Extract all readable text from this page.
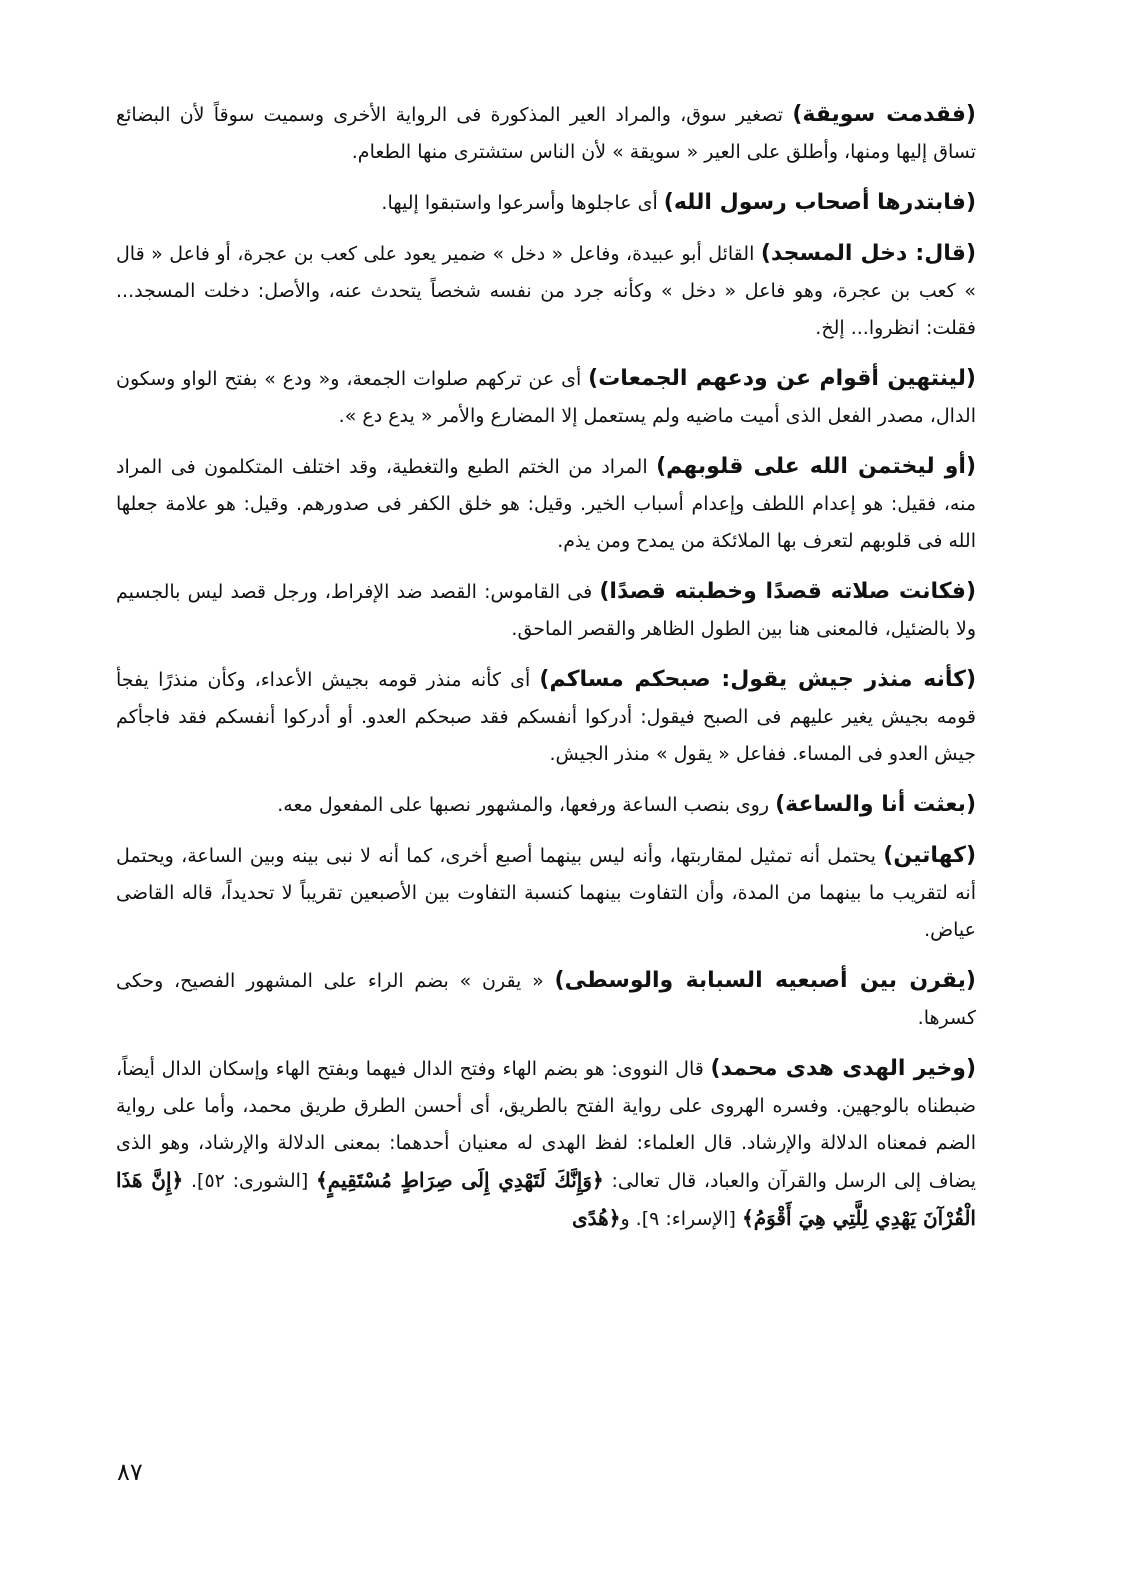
(فقدمت سويقة) تصغير سوق، والمراد العير المذكورة فى الرواية الأخرى وسميت سوقاً لأن البضائع تساق إليها ومنها، وأطلق على العير « سويقة » لأن الناس ستشترى منها الطعام.

(فابتدرها أصحاب رسول الله) أى عاجلوها وأسرعوا واستبقوا إليها.

(قال: دخل المسجد) القائل أبو عبيدة، وفاعل « دخل » ضمير يعود على كعب بن عجرة، أو فاعل « قال » كعب بن عجرة، وهو فاعل « دخل » وكأنه جرد من نفسه شخصاً يتحدث عنه، والأصل: دخلت المسجد... فقلت: انظروا... إلخ.

(لينتهين أقوام عن ودعهم الجمعات) أى عن تركهم صلوات الجمعة، و« ودع » بفتح الواو وسكون الدال، مصدر الفعل الذى أميت ماضيه ولم يستعمل إلا المضارع والأمر « يدع دع ».

(أو ليختمن الله على قلوبهم) المراد من الختم الطبع والتغطية، وقد اختلف المتكلمون فى المراد منه، فقيل: هو إعدام اللطف وإعدام أسباب الخير. وقيل: هو خلق الكفر فى صدورهم. وقيل: هو علامة جعلها الله فى قلوبهم لتعرف بها الملائكة من يمدح ومن يذم.

(فكانت صلاته قصدًا وخطبته قصدًا) فى القاموس: القصد ضد الإفراط، ورجل قصد ليس بالجسيم ولا بالضئيل، فالمعنى هنا بين الطول الظاهر والقصر الماحق.

(كأنه منذر جيش يقول: صبحكم مساكم) أى كأنه منذر قومه بجيش الأعداء، وكأن منذرًا يفجأ قومه بجيش يغير عليهم فى الصبح فيقول: أدركوا أنفسكم فقد صبحكم العدو. أو أدركوا أنفسكم فقد فاجأكم جيش العدو فى المساء. ففاعل « يقول » منذر الجيش.

(بعثت أنا والساعة) روى بنصب الساعة ورفعها، والمشهور نصبها على المفعول معه.

(كهاتين) يحتمل أنه تمثيل لمقاربتها، وأنه ليس بينهما أصبع أخرى، كما أنه لا نبى بينه وبين الساعة، ويحتمل أنه لتقريب ما بينهما من المدة، وأن التفاوت بينهما كنسبة التفاوت بين الأصبعين تقريباً لا تحديداً، قاله القاضى عياض.

(يقرن بين أصبعيه السبابة والوسطى) « يقرن » بضم الراء على المشهور الفصيح، وحكى كسرها.

(وخير الهدى هدى محمد) قال النووى: هو بضم الهاء وفتح الدال فيهما وبفتح الهاء وإسكان الدال أيضاً، ضبطناه بالوجهين. وفسره الهروى على رواية الفتح بالطريق، أى أحسن الطرق طريق محمد، وأما على رواية الضم فمعناه الدلالة والإرشاد. قال العلماء: لفظ الهدى له معنيان أحدهما: بمعنى الدلالة والإرشاد، وهو الذى يضاف إلى الرسل والقرآن والعباد، قال تعالى: ﴿وَإِنَّكَ لَتَهْدِي إِلَى صِرَاطٍ مُسْتَقِيمٍ﴾ [الشورى: ٥٢]. ﴿إِنَّ هَذَا الْقُرْآنَ يَهْدِي لِلَّتِي هِيَ أَقْوَمُ﴾ [الإسراء: ٩]. و﴿هُدًى

٨٧
